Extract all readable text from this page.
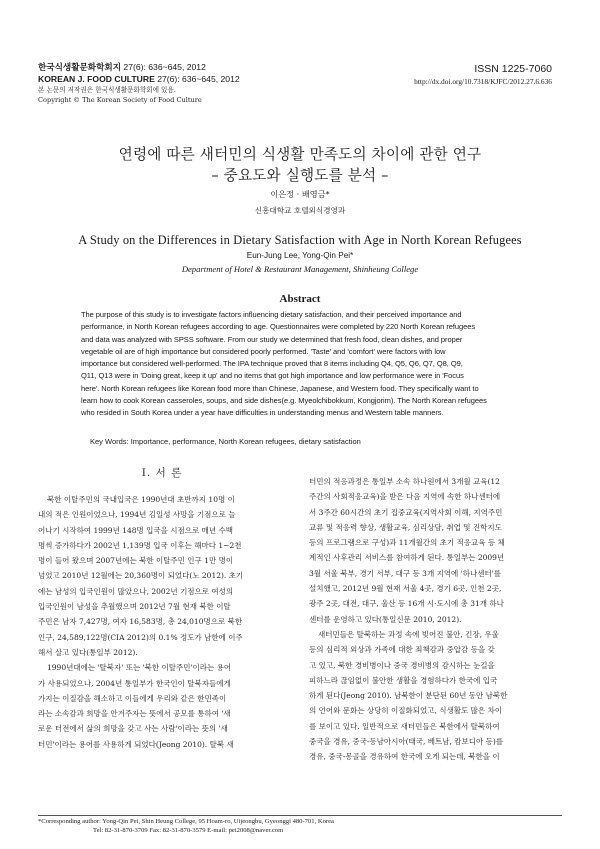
한국식생활문화학회지 27(6): 636~645, 2012
KOREAN J. FOOD CULTURE 27(6): 636~645, 2012
본 논문의 저작권은 한국식생활문화학회에 있음.
Copyright © The Korean Society of Food Culture
ISSN 1225-7060
http://dx.doi.org/10.7318/KJFC/2012.27.6.636
연령에 따른 새터민의 식생활 만족도의 차이에 관한 연구
– 중요도와 실행도를 분석 –
이은정 · 배영금*
신흥대학교 호텔외식경영과
A Study on the Differences in Dietary Satisfaction with Age in North Korean Refugees
Eun-Jung Lee, Yong-Qin Pei*
Department of Hotel & Restaurant Management, Shinheung College
Abstract
The purpose of this study is to investigate factors influencing dietary satisfaction, and their perceived importance and
performance, in North Korean refugees according to age. Questionnaires were completed by 220 North Korean refugees
and data was analyzed with SPSS software. From our study we determined that fresh food, clean dishes, and proper
vegetable oil are of high importance but considered poorly performed. 'Taste' and 'comfort' were factors with low
importance but considered well-performed. The IPA technique proved that 8 items including Q4, Q5, Q6, Q7, Q8, Q9,
Q11, Q13 were in 'Doing great, keep it up' and no items that got high importance and low performance were in 'Focus
here'. North Korean refugees like Korean food more than Chinese, Japanese, and Western food. They specifically want to
learn how to cook Korean casseroles, soups, and side dishes(e.g. Myeolchibokkum, Kongjorim). The North Korean refugees
who resided in South Korea under a year have difficulties in understanding menus and Western table manners.
Key Words: Importance, performance, North Korean refugees, dietary satisfaction
I. 서 론
북한 이탈주민의 국내입국은 1990년대 초반까지 10명 이
내의 적은 인원이었으나, 1994년 김일성 사망을 기점으로 늘
어나기 시작하여 1999년 148명 입국을 시점으로 매년 수백
명씩 증가하다가 2002년 1,139명 입국 이후는 해마다 1~2천
명이 들어 왔으며 2007년에는 북한 이탈주민 인구 1만 명이
넘었고 2010년 12월에는 20,360명이 되었다(노 2012). 초기
에는 남성의 입국인원이 많았으나, 2002년 기점으로 여성의
입국인원이 남성을 추월했으며 2012년 7월 현재 북한 이탈
주민은 남자 7,427명, 여자 16,583명, 총 24,010명으로 북한
인구, 24,589,122명(CIA 2012)의 0.1% 정도가 남한에 이주
해서 살고 있다(통일부 2012).
1990년대에는 '탈북자' 또는 '북한 이탈주민'이라는 용어
가 사용되었으나, 2004년 통일부가 한국인이 탈북자들에게
가지는 이질감을 해소하고 이들에게 우리와 같은 한민족이
라는 소속감과 희망을 안겨주자는 뜻에서 공모를 통하여 '새
로운 터전에서 삶의 희망을 갖고 사는 사람'이라는 뜻의 '새
터민'이라는 용어를 사용하게 되었다(Jeong 2010). 탈북 새
터민의 적응과정은 통일부 소속 하나원에서 3개월 교육(12
주간의 사회적응교육)을 받은 다음 지역에 속한 하나센터에
서 3주간 60시간의 초기 집중교육(지역사회 이해, 지역주민
교류 및 적응력 향상, 생활교육, 심리상담, 취업 및 진학지도
등의 프로그램으로 구성)과 11개월간의 초기 적응교육 등 체
계적인 사후관리 서비스를 참여하게 된다. 통일부는 2009년
3월 서울 북부, 경기 서부, 대구 등 3개 지역에 '하나센터'를
설치했고, 2012년 9월 현재 서울 4곳, 경기 6곳, 인천 2곳,
광주 2곳, 대전, 대구, 울산 등 16개 시·도시에 총 31개 하나
센터를 운영하고 있다(통일신문 2010, 2012).
새터민들은 탈북하는 과정 속에 빚어진 불안, 긴장, 우울
등의 심리적 외상과 가족에 대한 죄책감과 중압감 등을 갖
고 있고, 북한 경비병이나 중국 경비병의 감시하는 눈길을
피하느라 끊임없이 불안한 생활을 경험하다가 한국에 입국
하게 된다(Jeong 2010). 남북한이 분단된 60년 동안 남북한
의 언어와 문화는 상당히 이질화되었고, 식생활도 많은 차이
를 보이고 있다. 일반적으로 새터민들은 북한에서 탈북하여
중국을 경유, 중국-동남아시아(태국, 베트남, 캄보디아 등)를
경유, 중국-몽골을 경유하여 한국에 오게 되는데, 북한을 이
*Corresponding author: Yong-Qin Pei, Shin Heung College, 95 Hoam-ro, Uijeongbu, Gyeonggi 480-701, Korea
Tel: 82-31-870-3709 Fax: 82-31-870-3579 E-mail: pei2008@naver.com
